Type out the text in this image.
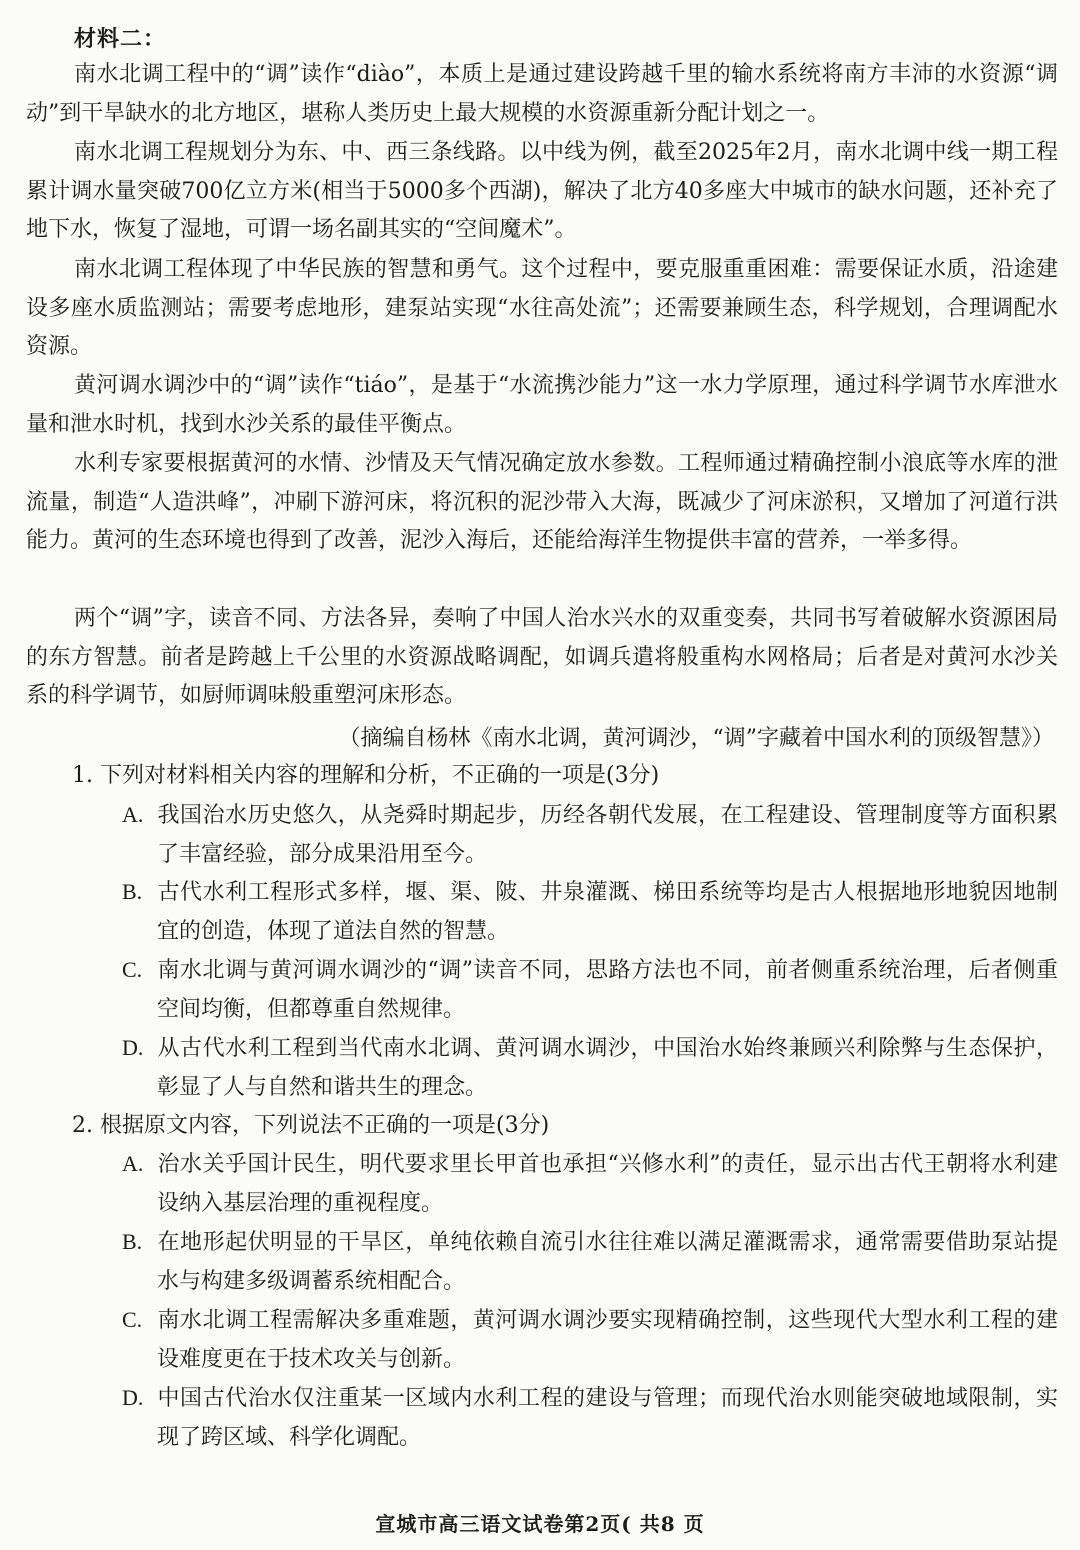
材料二：

南水北调工程中的“调”读作“diào”，本质上是通过建设跨越千里的输水系统将南方丰沛的水资源“调动”到干旱缺水的北方地区，堪称人类历史上最大规模的水资源重新分配计划之一。

南水北调工程规划分为东、中、西三条线路。以中线为例，截至2025年2月，南水北调中线一期工程累计调水量突破700亿立方米(相当于5000多个西湖)，解决了北方40多座大中城市的缺水问题，还补充了地下水，恢复了湿地，可谓一场名副其实的“空间魔术”。

南水北调工程体现了中华民族的智慧和勇气。这个过程中，要克服重重困难：需要保证水质，沿途建设多座水质监测站；需要考虑地形，建泵站实现“水往高处流”；还需要兼顾生态，科学规划，合理调配水资源。

黄河调水调沙中的“调”读作“tiáo”，是基于“水流携沙能力”这一水力学原理，通过科学调节水库泄水量和泄水时机，找到水沙关系的最佳平衡点。

水利专家要根据黄河的水情、沙情及天气情况确定放水参数。工程师通过精确控制小浪底等水库的泄流量，制造“人造洪峰”，冲刷下游河床，将沉积的泥沙带入大海，既减少了河床淤积，又增加了河道行洪能力。黄河的生态环境也得到了改善，泥沙入海后，还能给海洋生物提供丰富的营养，一举多得。

两个“调”字，读音不同、方法各异，奏响了中国人治水兴水的双重变奏，共同书写着破解水资源困局的东方智慧。前者是跨越上千公里的水资源战略调配，如调兵遣将般重构水网格局；后者是对黄河水沙关系的科学调节，如厨师调味般重塑河床形态。

（摘编自杨林《南水北调，黄河调沙，“调”字藏着中国水利的顶级智慧》）
1. 下列对材料相关内容的理解和分析，不正确的一项是(3分)
A. 我国治水历史悠久，从尧舜时期起步，历经各朝代发展，在工程建设、管理制度等方面积累了丰富经验，部分成果沿用至今。
B. 古代水利工程形式多样，堰、渠、陂、井泉灌溉、梯田系统等均是古人根据地形地貌因地制宜的创造，体现了道法自然的智慧。
C. 南水北调与黄河调水调沙的“调”读音不同，思路方法也不同，前者侧重系统治理，后者侧重空间均衡，但都尊重自然规律。
D. 从古代水利工程到当代南水北调、黄河调水调沙，中国治水始终兼顾兴利除弊与生态保护，彰显了人与自然和谐共生的理念。
2. 根据原文内容，下列说法不正确的一项是(3分)
A. 治水关乎国计民生，明代要求里长甲首也承担“兴修水利”的责任，显示出古代王朝将水利建设纳入基层治理的重视程度。
B. 在地形起伏明显的干旱区，单纯依赖自流引水往往难以满足灌溉需求，通常需要借助泵站提水与构建多级调蓄系统相配合。
C. 南水北调工程需解决多重难题，黄河调水调沙要实现精确控制，这些现代大型水利工程的建设难度更在于技术攻关与创新。
D. 中国古代治水仅注重某一区域内水利工程的建设与管理；而现代治水则能突破地域限制，实现了跨区域、科学化调配。
宣城市高三语文试卷第2页( 共8 页
